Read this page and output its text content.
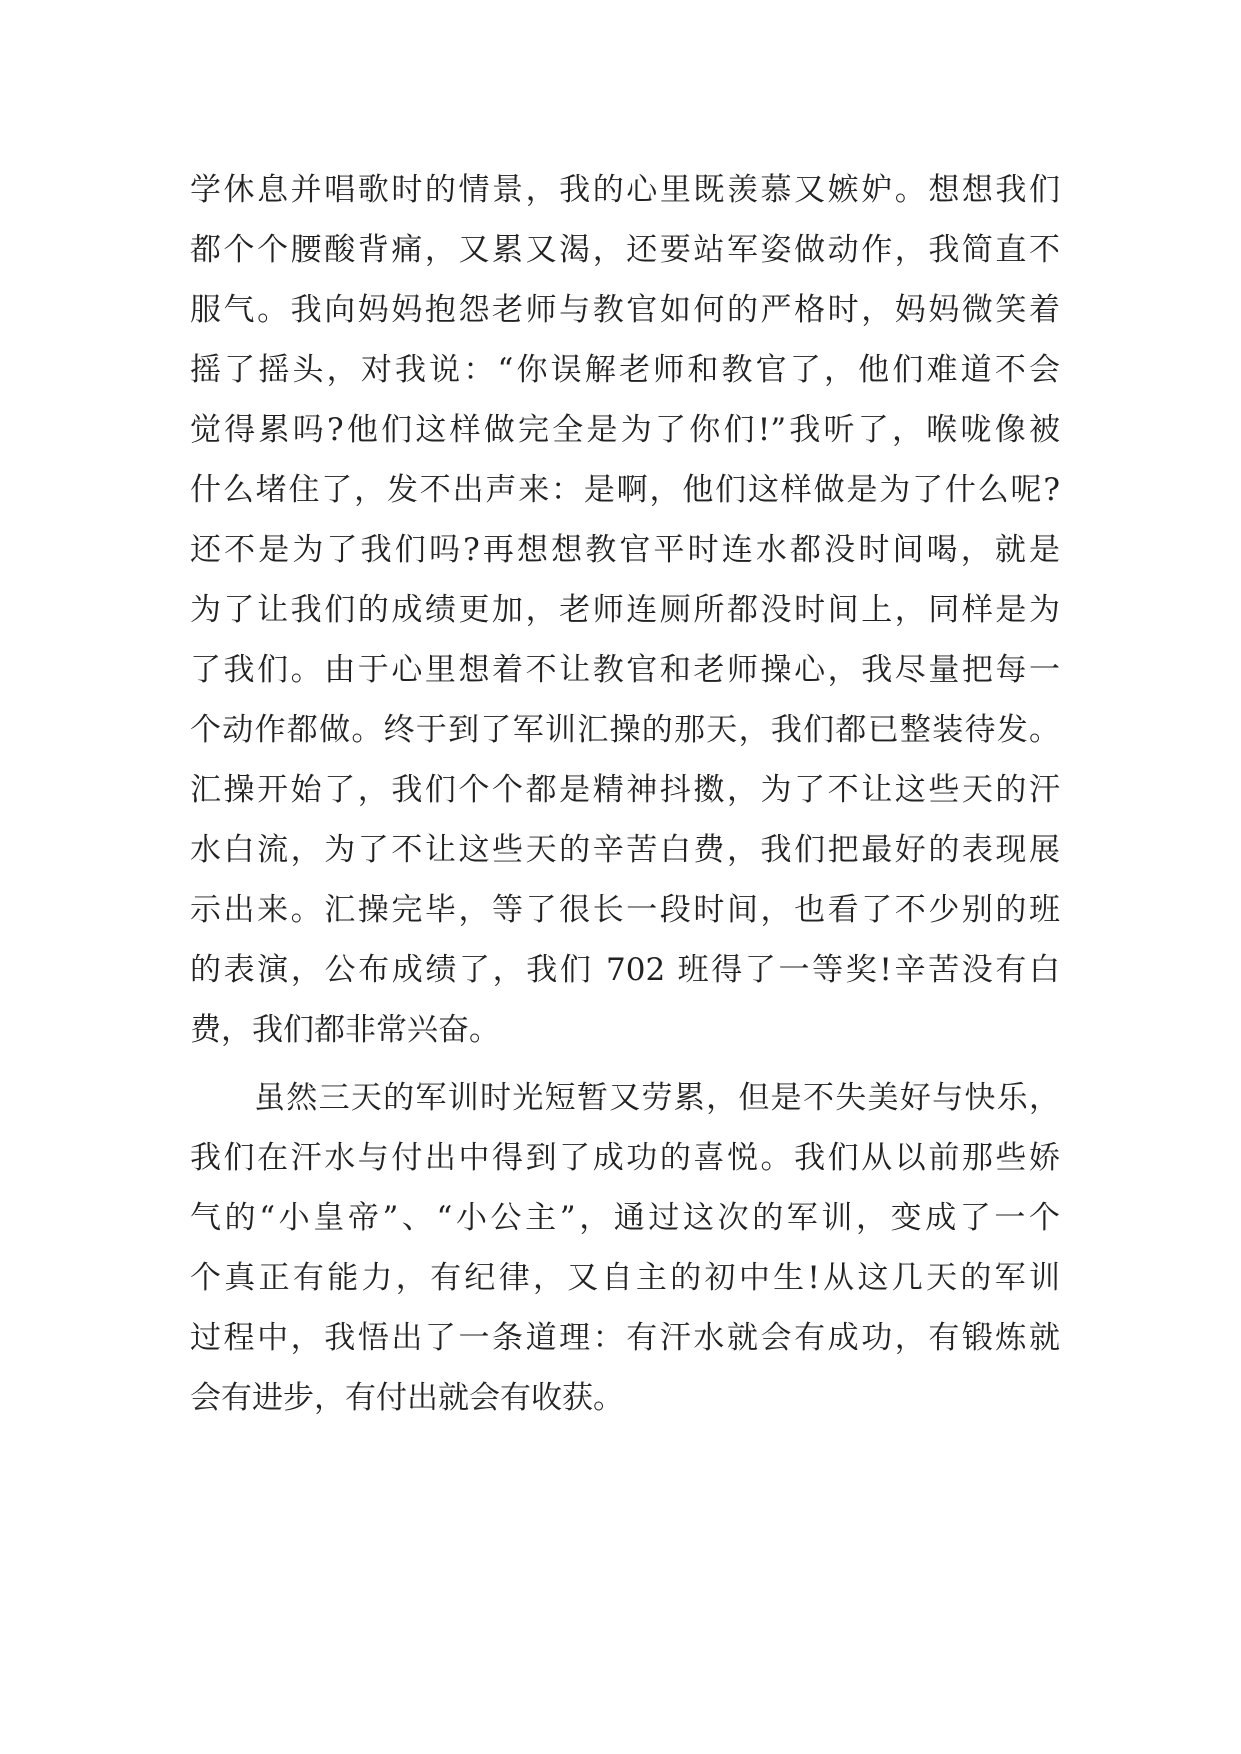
学休息并唱歌时的情景，我的心里既羡慕又嫉妒。想想我们
都个个腰酸背痛，又累又渴，还要站军姿做动作，我简直不
服气。我向妈妈抱怨老师与教官如何的严格时，妈妈微笑着
摇了摇头，对我说：“你误解老师和教官了，他们难道不会
觉得累吗?他们这样做完全是为了你们!”我听了，喉咙像被
什么堵住了，发不出声来：是啊，他们这样做是为了什么呢?
还不是为了我们吗?再想想教官平时连水都没时间喝，就是
为了让我们的成绩更加，老师连厕所都没时间上，同样是为
了我们。由于心里想着不让教官和老师操心，我尽量把每一
个动作都做。终于到了军训汇操的那天，我们都已整装待发。
汇操开始了，我们个个都是精神抖擞，为了不让这些天的汗
水白流，为了不让这些天的辛苦白费，我们把最好的表现展
示出来。汇操完毕，等了很长一段时间，也看了不少别的班
的表演，公布成绩了，我们 702 班得了一等奖!辛苦没有白
费，我们都非常兴奋。
虽然三天的军训时光短暂又劳累，但是不失美好与快乐，
我们在汗水与付出中得到了成功的喜悦。我们从以前那些娇
气的“小皇帝”、“小公主”，通过这次的军训，变成了一个
个真正有能力，有纪律，又自主的初中生!从这几天的军训
过程中，我悟出了一条道理：有汗水就会有成功，有锻炼就
会有进步，有付出就会有收获。
